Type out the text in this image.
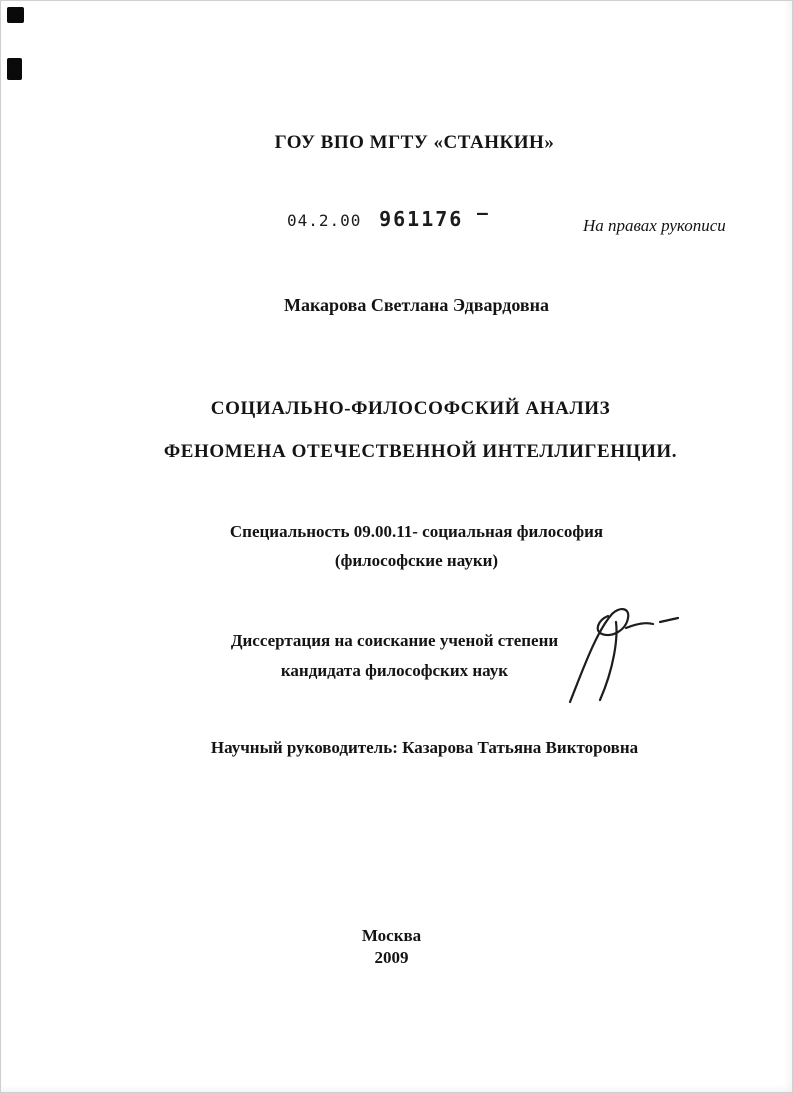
ГОУ ВПО МГТУ «СТАНКИН»
04.2.00 961176 –
На правах рукописи
Макарова Светлана Эдвардовна
СОЦИАЛЬНО-ФИЛОСОФСКИЙ АНАЛИЗ
ФЕНОМЕНА ОТЕЧЕСТВЕННОЙ ИНТЕЛЛИГЕНЦИИ.
Специальность 09.00.11- социальная философия
(философские науки)
Диссертация на соискание ученой степени
кандидата философских наук
Научный руководитель: Казарова Татьяна Викторовна
Москва
2009
